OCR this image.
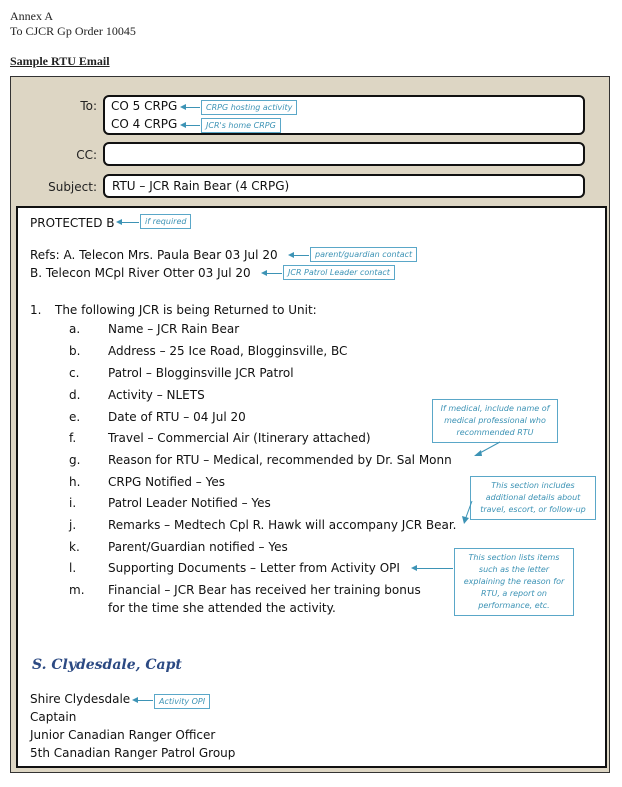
Annex A
To CJCR Gp Order 10045
Sample RTU Email
To: CO 5 CRPG
CO 4 CRPG
CRPG hosting activity
JCR's home CRPG
CC:
Subject: RTU – JCR Rain Bear (4 CRPG)
PROTECTED B	if required
Refs: A. Telecon Mrs. Paula Bear 03 Jul 20	parent/guardian contact
B. Telecon MCpl River Otter 03 Jul 20	JCR Patrol Leader contact
1. The following JCR is being Returned to Unit:
a. Name – JCR Rain Bear
b. Address – 25 Ice Road, Blogginsville, BC
c. Patrol – Blogginsville JCR Patrol
d. Activity – NLETS
e. Date of RTU – 04 Jul 20
f.	Travel – Commercial Air (Itinerary attached)
g. Reason for RTU – Medical, recommended by Dr. Sal Monn
h. CRPG Notified – Yes
i.	Patrol Leader Notified – Yes
j.	Remarks – Medtech Cpl R. Hawk will accompany JCR Bear.
k. Parent/Guardian notified – Yes
l.	Supporting Documents – Letter from Activity OPI
m. Financial – JCR Bear has received her training bonus
for the time she attended the activity.
If medical, include name of medical professional who recommended RTU
This section includes additional details about travel, escort, or follow-up
This section lists items such as the letter explaining the reason for RTU, a report on performance, etc.
S. Clydesdale, Capt
Shire Clydesdale	Activity OPI
Captain
Junior Canadian Ranger Officer
5th Canadian Ranger Patrol Group
